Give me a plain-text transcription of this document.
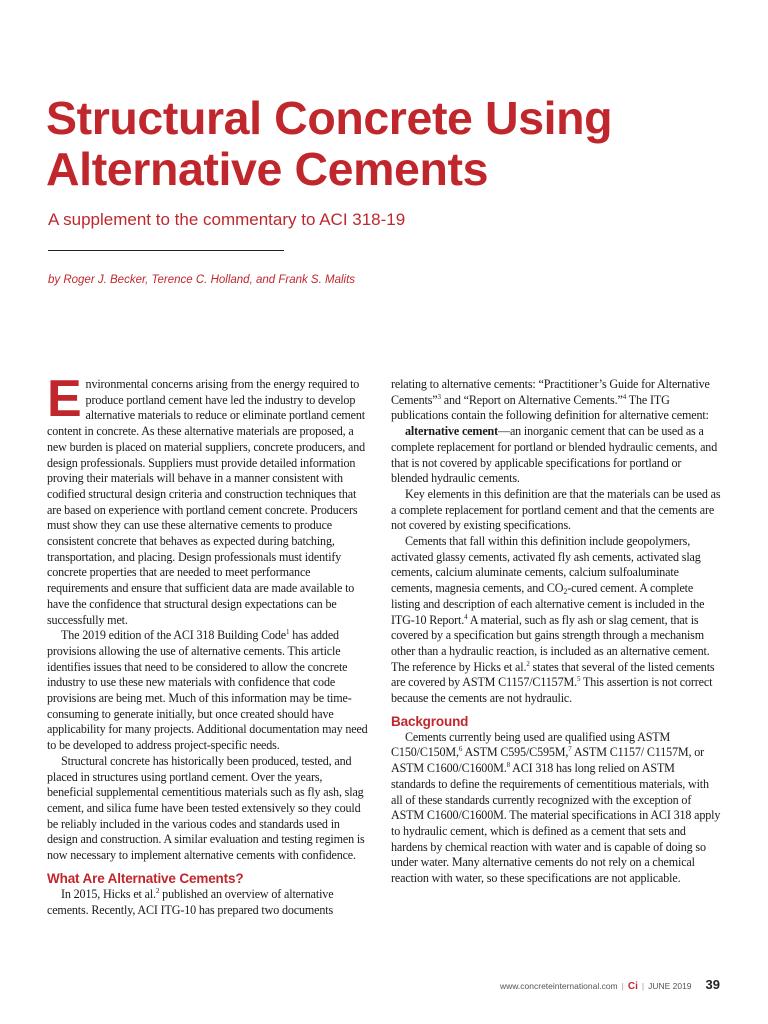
Structural Concrete Using Alternative Cements

A supplement to the commentary to ACI 318-19

by Roger J. Becker, Terence C. Holland, and Frank S. Malits

Environmental concerns arising from the energy required to produce portland cement have led the industry to develop alternative materials to reduce or eliminate portland cement content in concrete. As these alternative materials are proposed, a new burden is placed on material suppliers, concrete producers, and design professionals. Suppliers must provide detailed information proving their materials will behave in a manner consistent with codified structural design criteria and construction techniques that are based on experience with portland cement concrete. Producers must show they can use these alternative cements to produce consistent concrete that behaves as expected during batching, transportation, and placing. Design professionals must identify concrete properties that are needed to meet performance requirements and ensure that sufficient data are made available to have the confidence that structural design expectations can be successfully met.

The 2019 edition of the ACI 318 Building Code$^1$ has added provisions allowing the use of alternative cements. This article identifies issues that need to be considered to allow the concrete industry to use these new materials with confidence that code provisions are being met. Much of this information may be time-consuming to generate initially, but once created should have applicability for many projects. Additional documentation may need to be developed to address project-specific needs.

Structural concrete has historically been produced, tested, and placed in structures using portland cement. Over the years, beneficial supplemental cementitious materials such as fly ash, slag cement, and silica fume have been tested extensively so they could be reliably included in the various codes and standards used in design and construction. A similar evaluation and testing regimen is now necessary to implement alternative cements with confidence.

What Are Alternative Cements?

In 2015, Hicks et al.$^2$ published an overview of alternative cements. Recently, ACI ITG-10 has prepared two documents

relating to alternative cements: “Practitioner’s Guide for Alternative Cements”$^3$ and “Report on Alternative Cements.”$^4$ The ITG publications contain the following definition for alternative cement:

alternative cement—an inorganic cement that can be used as a complete replacement for portland or blended hydraulic cements, and that is not covered by applicable specifications for portland or blended hydraulic cements.

Key elements in this definition are that the materials can be used as a complete replacement for portland cement and that the cements are not covered by existing specifications.

Cements that fall within this definition include geopolymers, activated glassy cements, activated fly ash cements, activated slag cements, calcium aluminate cements, calcium sulfoaluminate cements, magnesia cements, and $CO_2$-cured cement. A complete listing and description of each alternative cement is included in the ITG-10 Report.$^4$ A material, such as fly ash or slag cement, that is covered by a specification but gains strength through a mechanism other than a hydraulic reaction, is included as an alternative cement. The reference by Hicks et al.$^2$ states that several of the listed cements are covered by ASTM C1157/C1157M.$^5$ This assertion is not correct because the cements are not hydraulic.

Background

Cements currently being used are qualified using ASTM C150/C150M,$^6$ ASTM C595/C595M,$^7$ ASTM C1157/ C1157M, or ASTM C1600/C1600M.$^8$ ACI 318 has long relied on ASTM standards to define the requirements of cementitious materials, with all of these standards currently recognized with the exception of ASTM C1600/C1600M. The material specifications in ACI 318 apply to hydraulic cement, which is defined as a cement that sets and hardens by chemical reaction with water and is capable of doing so under water. Many alternative cements do not rely on a chemical reaction with water, so these specifications are not applicable.

www.concreteinternational.com | Ci | JUNE 2019 39
